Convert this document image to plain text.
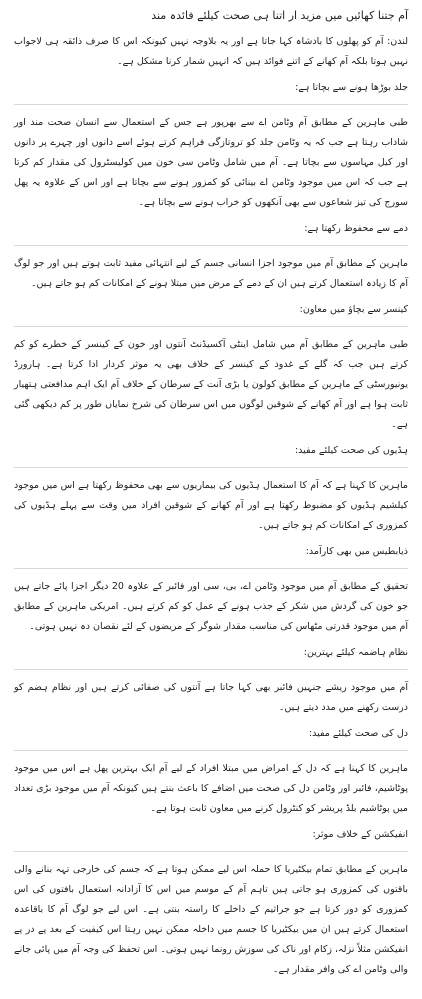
آم جتنا کھائیں میں مزید ار اتنا ہی صحت کیلئے فائدہ مند

لندن: آم کو پھلوں کا بادشاہ کہا جاتا ہے اور یہ بلاوجہ نہیں کیونکہ اس کا صرف ذائقہ ہی لاجواب نہیں ہوتا بلکہ آم کھانے کے اتنے فوائد ہیں کہ انہیں شمار کرنا مشکل ہے۔

جلد بوڑھا ہونے سے بچاتا ہے:

طبی ماہرین کے مطابق آم وٹامن اے سے بھرپور ہے جس کے استعمال سے انسان صحت مند اور شاداب رہتا ہے جب کہ یہ وٹامن جلد کو تروتازگی فراہم کرتے ہوئے اسے دانوں اور چہرے پر دانوں اور کیل مہاسوں سے بچاتا ہے۔ آم میں شامل وٹامن سی خون میں کولیسٹرول کی مقدار کم کرتا ہے جب کہ اس میں موجود وٹامن اے بینائی کو کمزور ہونے سے بچاتا ہے اور اس کے علاوہ یہ پھل سورج کی تیز شعاعوں سے بھی آنکھوں کو خراب ہونے سے بچاتا ہے۔

دمے سے محفوظ رکھتا ہے:

ماہرین کے مطابق آم میں موجود اجزا انسانی جسم کے لیے انتہائی مفید ثابت ہوتے ہیں اور جو لوگ آم کا زیادہ استعمال کرتے ہیں ان کے دمے کے مرض میں مبتلا ہونے کے امکانات کم ہو جاتے ہیں۔

کینسر سے بچاؤ میں معاون:

طبی ماہرین کے مطابق آم میں شامل اینٹی آکسیڈنٹ آنتوں اور خون کے کینسر کے خطرے کو کم کرتے ہیں جب کہ گلے کے غدود کے کینسر کے خلاف بھی یہ موثر کردار ادا کرتا ہے۔ ہارورڈ یونیورسٹی کے ماہرین کے مطابق کولون یا بڑی آنت کے سرطان کے خلاف آم ایک اہم مدافعتی ہتھیار ثابت ہوا ہے اور آم کھانے کے شوقین لوگوں میں اس سرطان کی شرح نمایاں طور پر کم دیکھی گئی ہے۔

ہڈیوں کی صحت کیلئے مفید:

ماہرین کا کہنا ہے کہ آم کا استعمال ہڈیوں کی بیماریوں سے بھی محفوظ رکھتا ہے اس میں موجود کیلشیم ہڈیوں کو مضبوط رکھتا ہے اور آم کھانے کے شوقین افراد میں وقت سے پہلے ہڈیوں کی کمزوری کے امکانات کم ہو جاتے ہیں۔

ذیابطیس میں بھی کارآمد:

تحقیق کے مطابق آم میں موجود وٹامن اے، بی، سی اور فائبر کے علاوہ 20 دیگر اجزا پائے جاتے ہیں جو خون کی گردش میں شکر کے جذب ہونے کے عمل کو کم کرتے ہیں۔ امریکی ماہرین کے مطابق آم میں موجود قدرتی مٹھاس کی مناسب مقدار شوگر کے مریضوں کے لئے نقصان دہ نہیں ہوتی۔

نظام ہاضمہ کیلئے بہترین:

آم میں موجود ریشے جنہیں فائبر بھی کہا جاتا ہے آنتوں کی صفائی کرتے ہیں اور نظام ہضم کو درست رکھنے میں مدد دیتے ہیں۔

دل کی صحت کیلئے مفید:

ماہرین کا کہنا ہے کہ دل کے امراض میں مبتلا افراد کے لیے آم ایک بہترین پھل ہے اس میں موجود پوٹاشیم، فائبر اور وٹامن دل کی صحت میں اضافے کا باعث بنتے ہیں کیونکہ آم میں موجود بڑی تعداد میں پوٹاشیم بلڈ پریشر کو کنٹرول کرنے میں معاون ثابت ہوتا ہے۔

انفیکشن کے خلاف موثر:

ماہرین کے مطابق تمام بیکٹیریا کا حملہ اس لیے ممکن ہوتا ہے کہ جسم کی خارجی تہہ بنانے والی باقتوں کی کمزوری ہو جاتی ہیں تاہم آم کے موسم میں اس کا آزادانہ استعمال بافتوں کی اس کمزوری کو دور کرتا ہے جو جراثیم کے داخلے کا راستہ بنتی ہے۔ اس لیے جو لوگ آم کا باقاعدہ استعمال کرتے ہیں ان میں بیکٹیریا کا جسم میں داخلہ ممکن نہیں رہتا اس کیفیت کے بعد پے در پے انفیکشن مثلاً نزلہ، زکام اور ناک کی سوزش رونما نہیں ہوتی۔ اس تحفظ کی وجہ آم میں پائی جانے والی وٹامن اے کی وافر مقدار ہے۔
